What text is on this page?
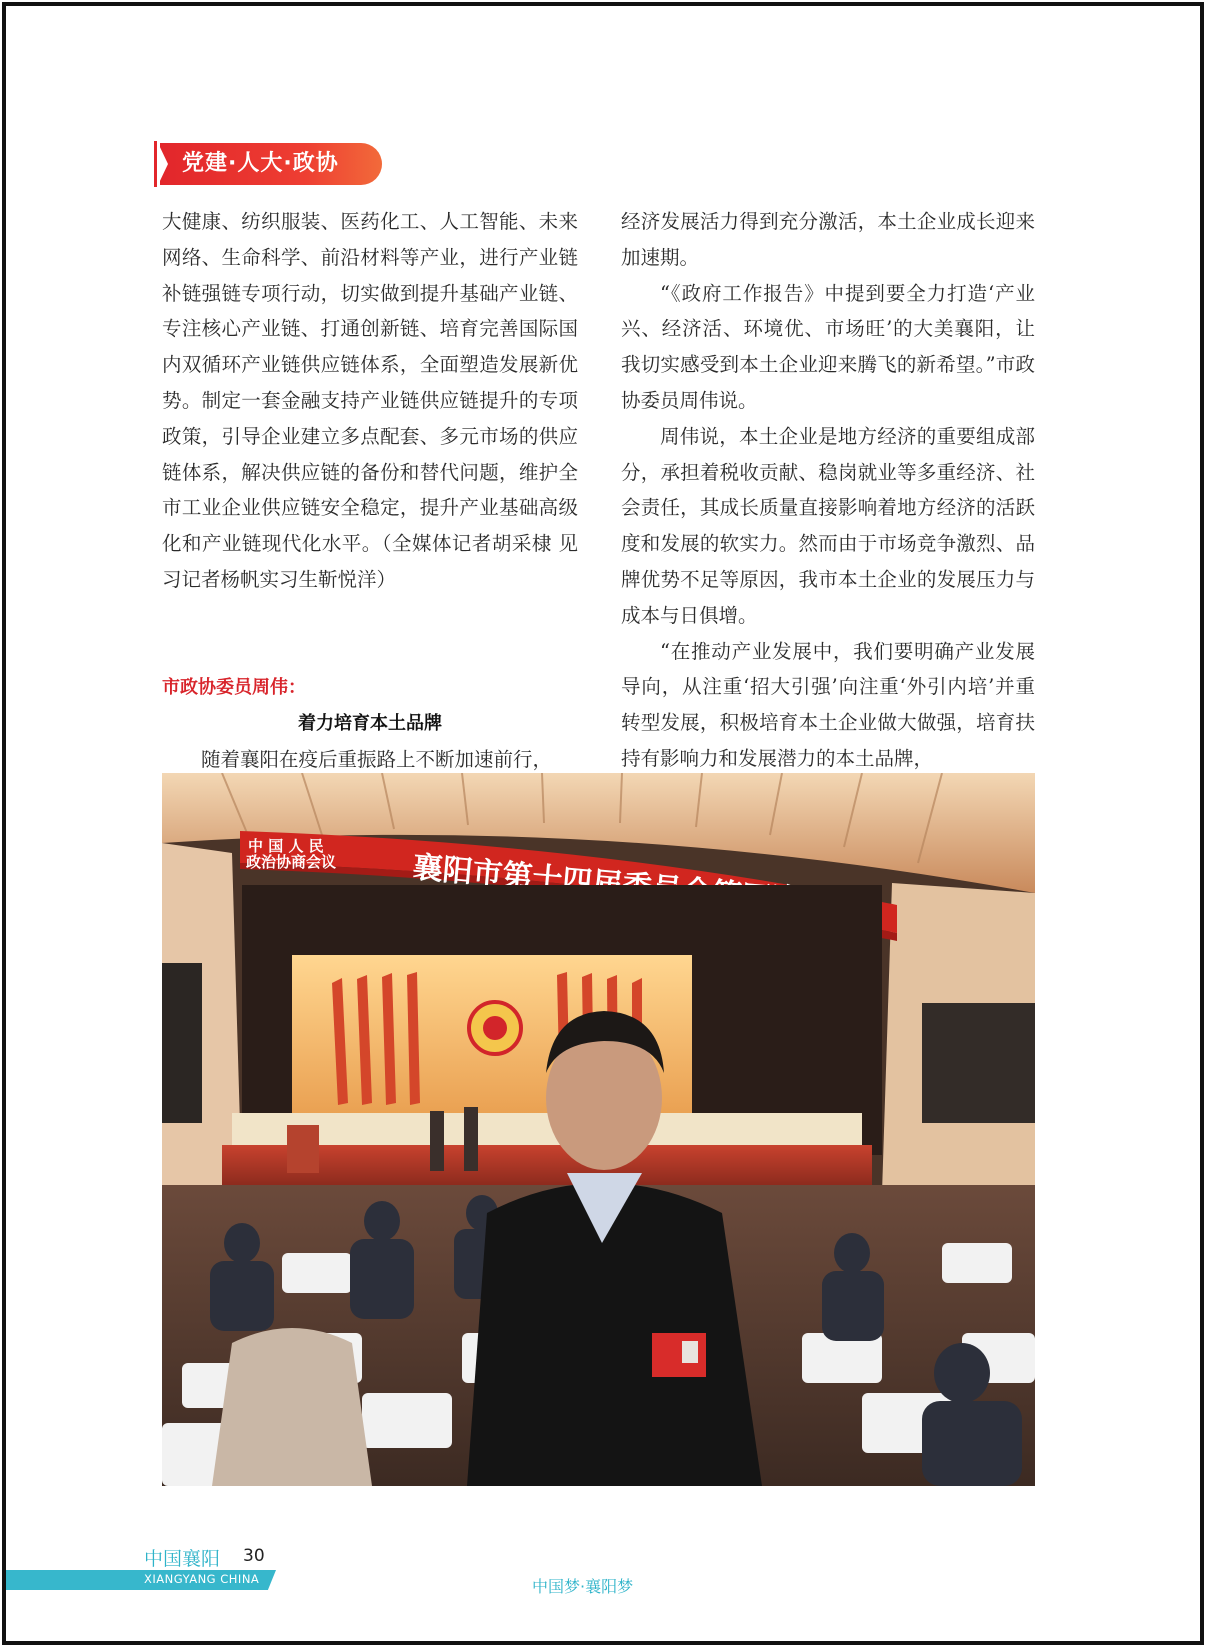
党建·人大·政协

大健康、纺织服装、医药化工、人工智能、未来网络、生命科学、前沿材料等产业，进行产业链补链强链专项行动，切实做到提升基础产业链、专注核心产业链、打通创新链、培育完善国际国内双循环产业链供应链体系，全面塑造发展新优势。制定一套金融支持产业链供应链提升的专项政策，引导企业建立多点配套、多元市场的供应链体系，解决供应链的备份和替代问题，维护全市工业企业供应链安全稳定，提升产业基础高级化和产业链现代化水平。（全媒体记者胡采棣 见习记者杨帆实习生靳悦洋）

市政协委员周伟：
着力培育本土品牌

随着襄阳在疫后重振路上不断加速前行，

经济发展活力得到充分激活，本土企业成长迎来加速期。

“《政府工作报告》中提到要全力打造‘产业兴、经济活、环境优、市场旺’的大美襄阳，让我切实感受到本土企业迎来腾飞的新希望。”市政协委员周伟说。

周伟说，本土企业是地方经济的重要组成部分，承担着税收贡献、稳岗就业等多重经济、社会责任，其成长质量直接影响着地方经济的活跃度和发展的软实力。然而由于市场竞争激烈、品牌优势不足等原因，我市本土企业的发展压力与成本与日俱增。

“在推动产业发展中，我们要明确产业发展导向，从注重‘招大引强’向注重‘外引内培’并重转型发展，积极培育本土企业做大做强，培育扶持有影响力和发展潜力的本土品牌，

中 国 人 民
政治协商会议
中国襄阳 30
XIANGYANG CHINA	中国梦·襄阳梦
